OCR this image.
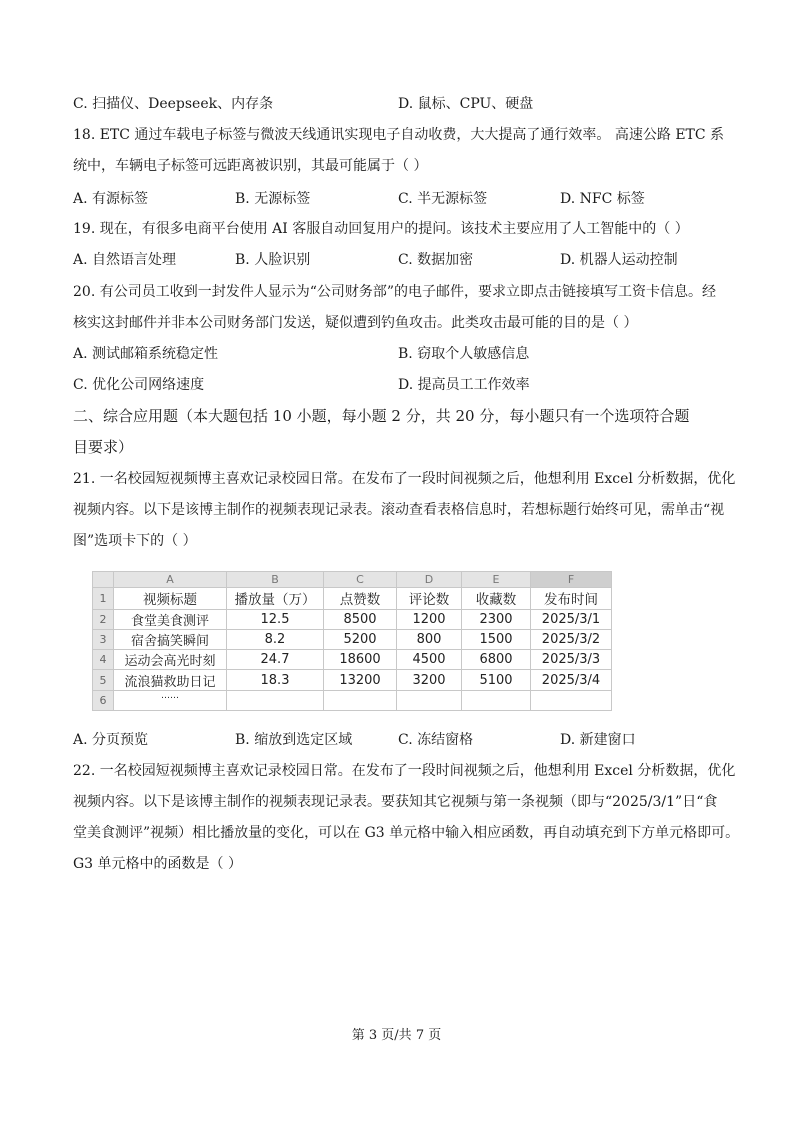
C. 扫描仪、Deepseek、内存条	D. 鼠标、CPU、硬盘
18. ETC 通过车载电子标签与微波天线通讯实现电子自动收费，大大提高了通行效率。 高速公路 ETC 系
统中，车辆电子标签可远距离被识别，其最可能属于（ ）
A. 有源标签	B. 无源标签	C. 半无源标签	D. NFC 标签
19. 现在，有很多电商平台使用 AI 客服自动回复用户的提问。该技术主要应用了人工智能中的（ ）
A. 自然语言处理	B. 人脸识别	C. 数据加密	D. 机器人运动控制
20. 有公司员工收到一封发件人显示为“公司财务部”的电子邮件，要求立即点击链接填写工资卡信息。经
核实这封邮件并非本公司财务部门发送，疑似遭到钓鱼攻击。此类攻击最可能的目的是（ ）
A. 测试邮箱系统稳定性	B. 窃取个人敏感信息
C. 优化公司网络速度	D. 提高员工工作效率
二、综合应用题（本大题包括 10 小题，每小题 2 分，共 20 分，每小题只有一个选项符合题
目要求）
21. 一名校园短视频博主喜欢记录校园日常。在发布了一段时间视频之后，他想利用 Excel 分析数据，优化
视频内容。以下是该博主制作的视频表现记录表。滚动查看表格信息时，若想标题行始终可见，需单击“视
图”选项卡下的（ ）
	A	B	C	D	E	F
1	视频标题	播放量（万）	点赞数	评论数	收藏数	发布时间
2	食堂美食测评	12.5	8500	1200	2300	2025/3/1
3	宿舍搞笑瞬间	8.2	5200	800	1500	2025/3/2
4	运动会高光时刻	24.7	18600	4500	6800	2025/3/3
5	流浪猫救助日记	18.3	13200	3200	5100	2025/3/4
6	……					
A. 分页预览	B. 缩放到选定区域	C. 冻结窗格	D. 新建窗口
22. 一名校园短视频博主喜欢记录校园日常。在发布了一段时间视频之后，他想利用 Excel 分析数据，优化
视频内容。以下是该博主制作的视频表现记录表。要获知其它视频与第一条视频（即与“2025/3/1”日“食
堂美食测评”视频）相比播放量的变化，可以在 G3 单元格中输入相应函数，再自动填充到下方单元格即可。
G3 单元格中的函数是（ ）
第 3 页/共 7 页
